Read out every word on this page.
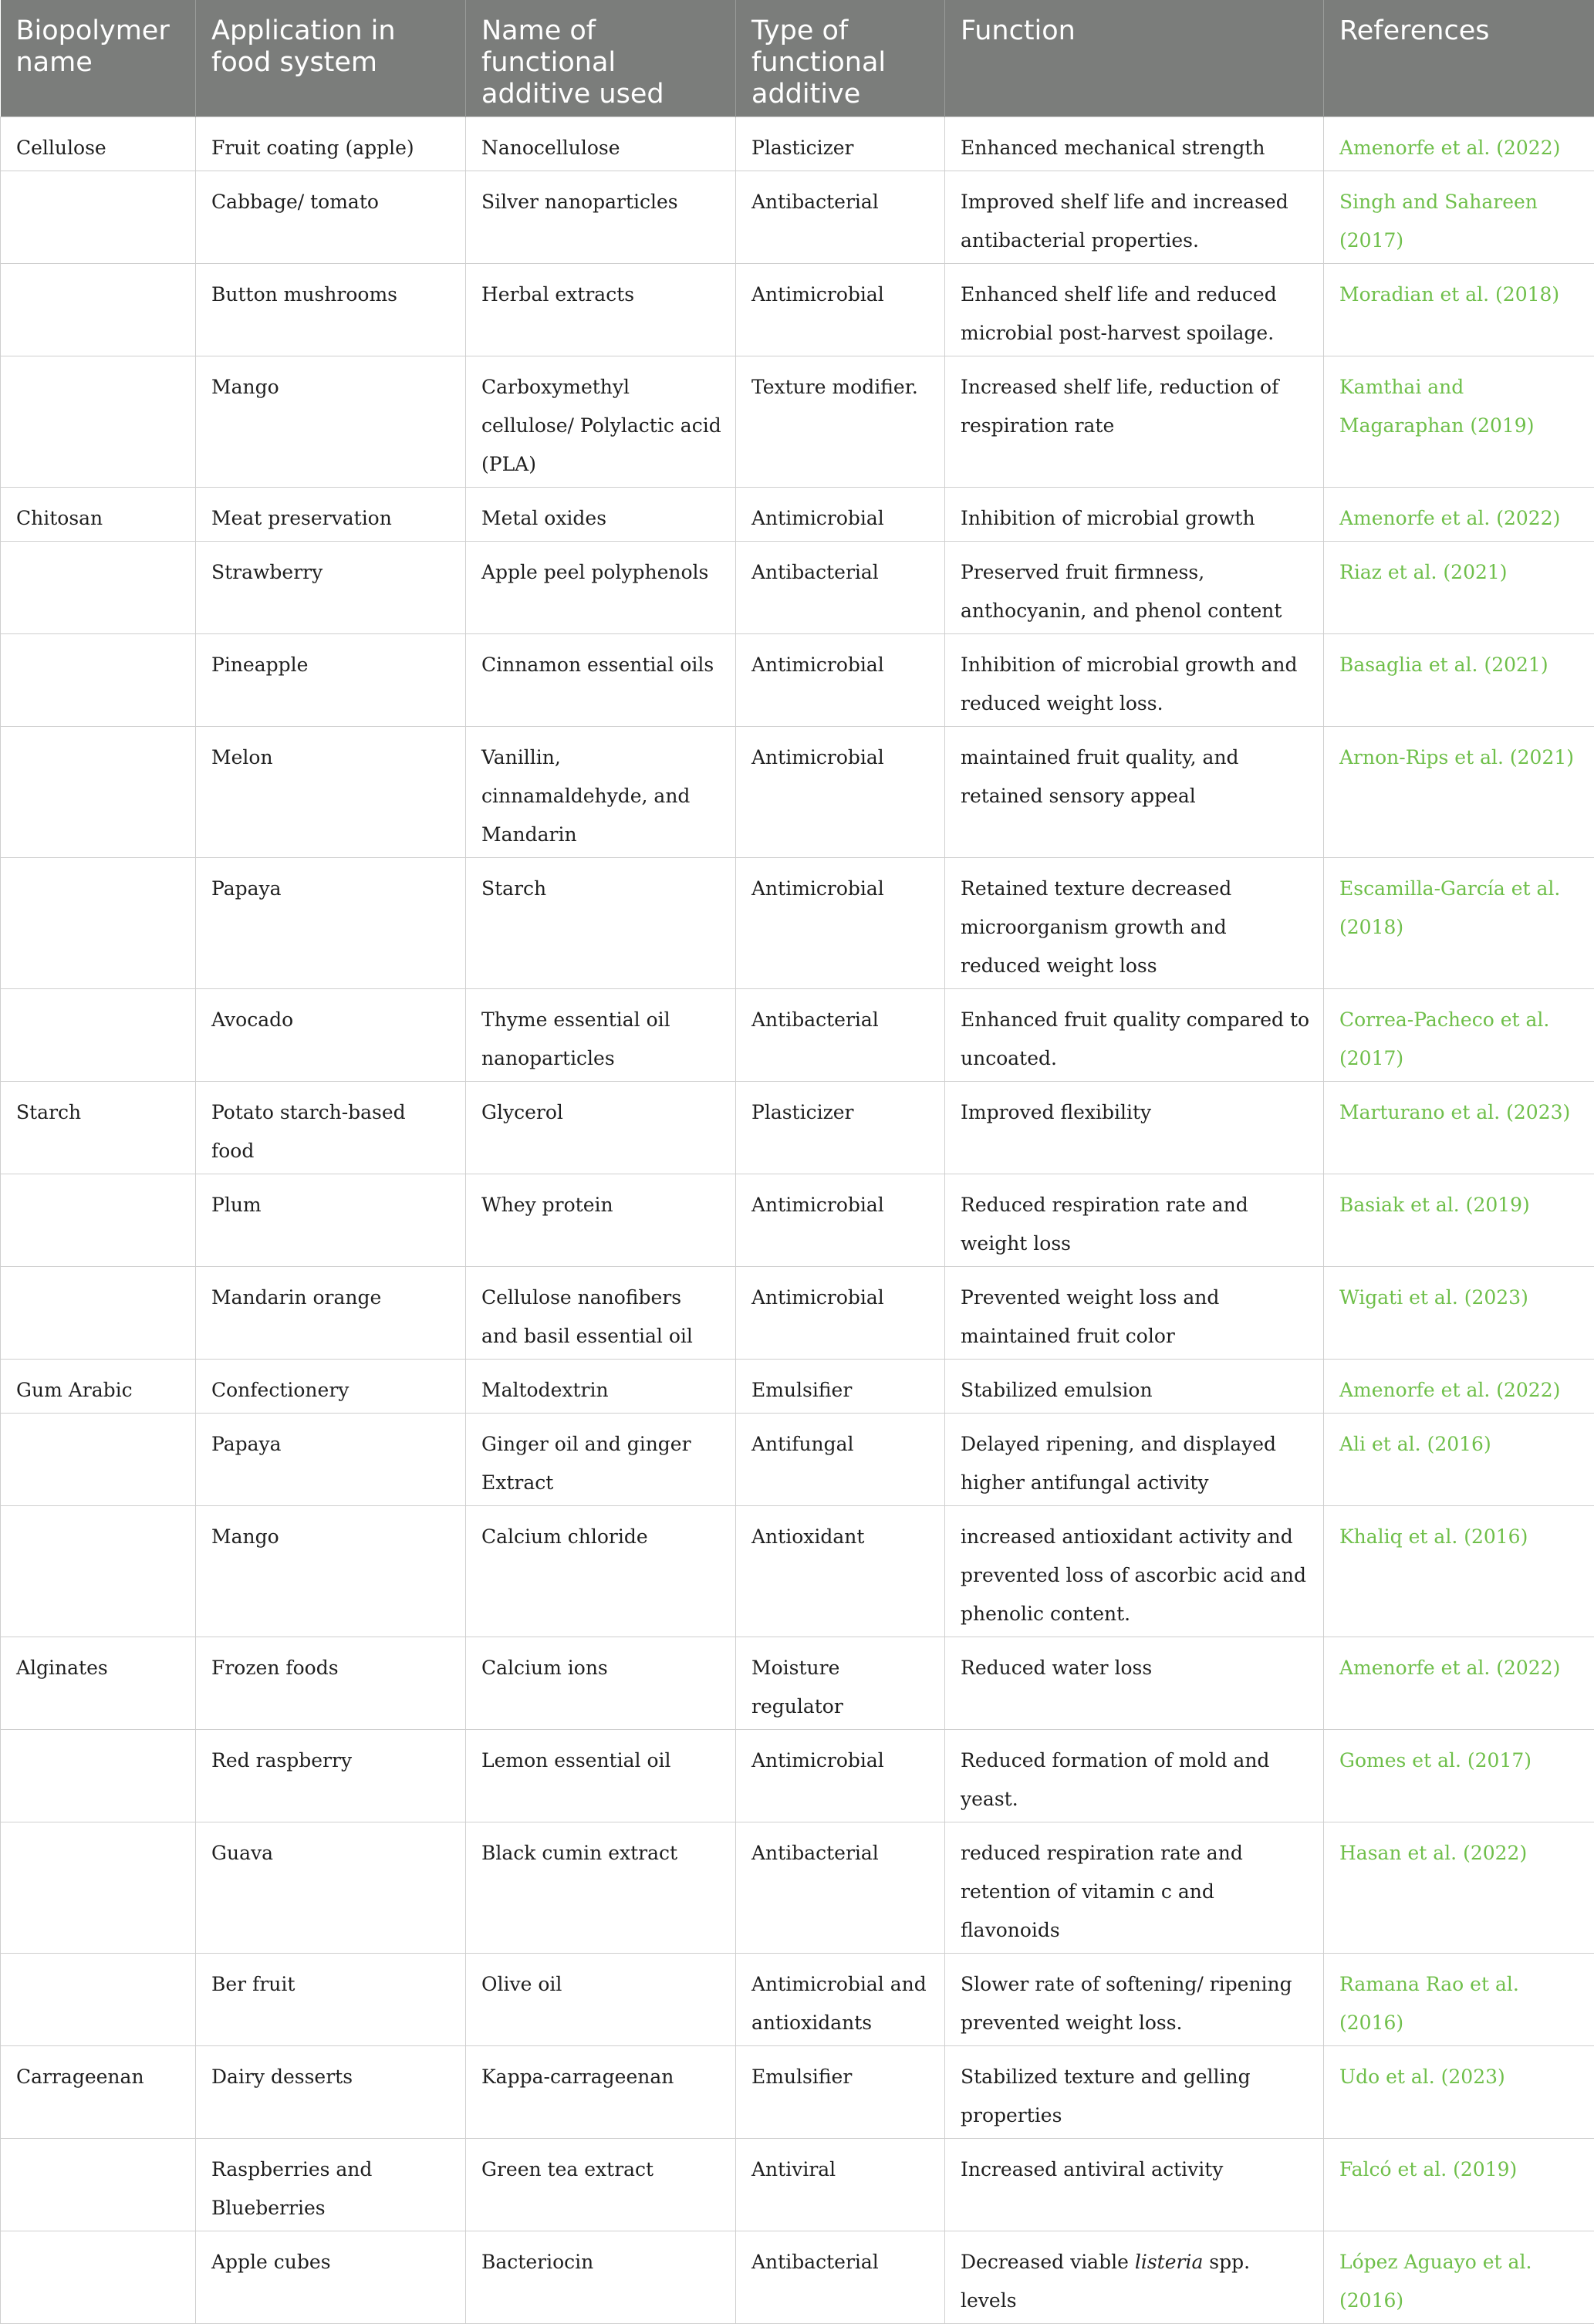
Biopolymer name	Application in food system	Name of functional additive used	Type of functional additive	Function	References
Cellulose	Fruit coating (apple)	Nanocellulose	Plasticizer	Enhanced mechanical strength	Amenorfe et al. (2022)
	Cabbage/ tomato	Silver nanoparticles	Antibacterial	Improved shelf life and increased antibacterial properties.	Singh and Sahareen (2017)
	Button mushrooms	Herbal extracts	Antimicrobial	Enhanced shelf life and reduced microbial post-harvest spoilage.	Moradian et al. (2018)
	Mango	Carboxymethyl cellulose/ Polylactic acid (PLA)	Texture modifier.	Increased shelf life, reduction of respiration rate	Kamthai and Magaraphan (2019)
Chitosan	Meat preservation	Metal oxides	Antimicrobial	Inhibition of microbial growth	Amenorfe et al. (2022)
	Strawberry	Apple peel polyphenols	Antibacterial	Preserved fruit firmness, anthocyanin, and phenol content	Riaz et al. (2021)
	Pineapple	Cinnamon essential oils	Antimicrobial	Inhibition of microbial growth and reduced weight loss.	Basaglia et al. (2021)
	Melon	Vanillin, cinnamaldehyde, and Mandarin	Antimicrobial	maintained fruit quality, and retained sensory appeal	Arnon-Rips et al. (2021)
	Papaya	Starch	Antimicrobial	Retained texture decreased microorganism growth and reduced weight loss	Escamilla-García et al. (2018)
	Avocado	Thyme essential oil nanoparticles	Antibacterial	Enhanced fruit quality compared to uncoated.	Correa-Pacheco et al. (2017)
Starch	Potato starch-based food	Glycerol	Plasticizer	Improved flexibility	Marturano et al. (2023)
	Plum	Whey protein	Antimicrobial	Reduced respiration rate and weight loss	Basiak et al. (2019)
	Mandarin orange	Cellulose nanofibers and basil essential oil	Antimicrobial	Prevented weight loss and maintained fruit color	Wigati et al. (2023)
Gum Arabic	Confectionery	Maltodextrin	Emulsifier	Stabilized emulsion	Amenorfe et al. (2022)
	Papaya	Ginger oil and ginger Extract	Antifungal	Delayed ripening, and displayed higher antifungal activity	Ali et al. (2016)
	Mango	Calcium chloride	Antioxidant	increased antioxidant activity and prevented loss of ascorbic acid and phenolic content.	Khaliq et al. (2016)
Alginates	Frozen foods	Calcium ions	Moisture regulator	Reduced water loss	Amenorfe et al. (2022)
	Red raspberry	Lemon essential oil	Antimicrobial	Reduced formation of mold and yeast.	Gomes et al. (2017)
	Guava	Black cumin extract	Antibacterial	reduced respiration rate and retention of vitamin c and flavonoids	Hasan et al. (2022)
	Ber fruit	Olive oil	Antimicrobial and antioxidants	Slower rate of softening/ ripening prevented weight loss.	Ramana Rao et al. (2016)
Carrageenan	Dairy desserts	Kappa-carrageenan	Emulsifier	Stabilized texture and gelling properties	Udo et al. (2023)
	Raspberries and Blueberries	Green tea extract	Antiviral	Increased antiviral activity	Falcó et al. (2019)
	Apple cubes	Bacteriocin	Antibacterial	Decreased viable listeria spp. levels	López Aguayo et al. (2016)
